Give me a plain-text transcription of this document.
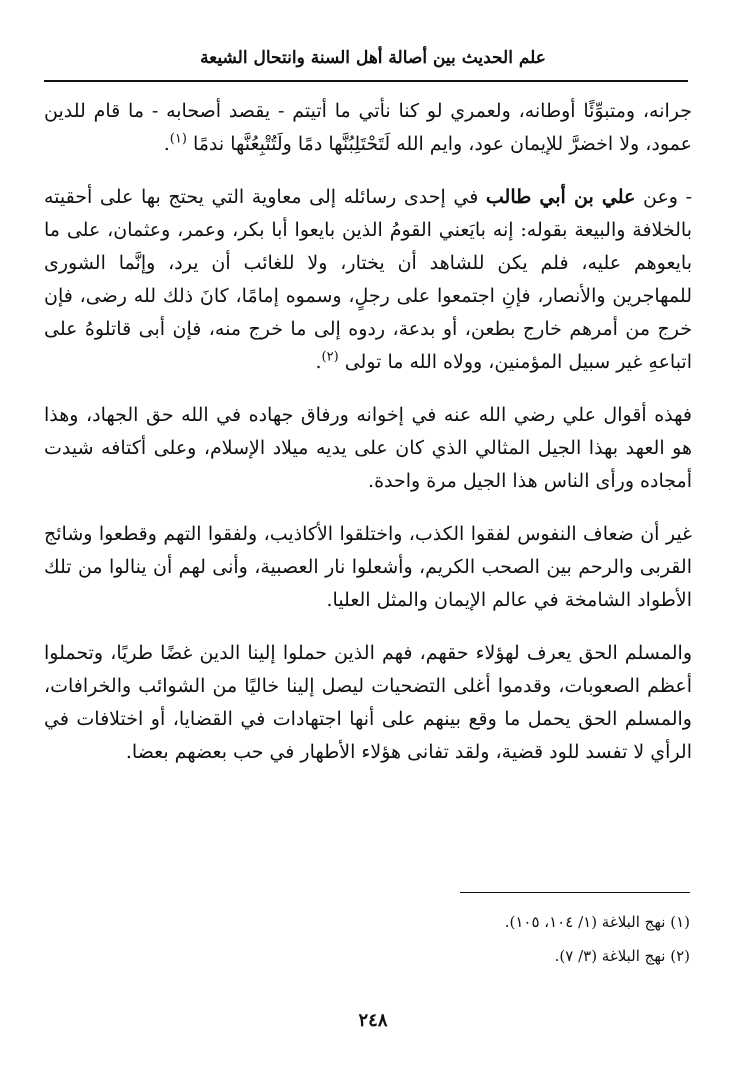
علم الحديث بين أصالة أهل السنة وانتحال الشيعة

جرانه، ومتبوِّئًا أوطانه، ولعمري لو كنا نأتي ما أتيتم - يقصد أصحابه - ما قام للدين عمود، ولا اخضرَّ للإيمان عود، وايم الله لَتَحْتَلِبُنَّها دمًا ولَتُتْبِعُنَّها ندمًا $^{(١)}$.

- وعن علي بن أبي طالب في إحدى رسائله إلى معاوية التي يحتج بها على أحقيته بالخلافة والبيعة بقوله: إنه بايَعني القومُ الذين بايعوا أبا بكر، وعمر، وعثمان، على ما بايعوهم عليه، فلم يكن للشاهد أن يختار، ولا للغائب أن يرد، وإنَّما الشورى للمهاجرين والأنصار، فإنِ اجتمعوا على رجلٍ، وسموه إمامًا، كانَ ذلك لله رضى، فإن خرج من أمرهم خارج بطعن، أو بدعة، ردوه إلى ما خرج منه، فإن أبى قاتلوهُ على اتباعهِ غير سبيل المؤمنين، وولاه الله ما تولى $^{(٢)}$.

فهذه أقوال علي رضي الله عنه في إخوانه ورفاق جهاده في الله حق الجهاد، وهذا هو العهد بهذا الجيل المثالي الذي كان على يديه ميلاد الإسلام، وعلى أكتافه شيدت أمجاده ورأى الناس هذا الجيل مرة واحدة.

غير أن ضعاف النفوس لفقوا الكذب، واختلقوا الأكاذيب، ولفقوا التهم وقطعوا وشائج القربى والرحم بين الصحب الكريم، وأشعلوا نار العصبية، وأنى لهم أن ينالوا من تلك الأطواد الشامخة في عالم الإيمان والمثل العليا.

والمسلم الحق يعرف لهؤلاء حقهم، فهم الذين حملوا إلينا الدين غضًا طريًا، وتحملوا أعظم الصعوبات، وقدموا أغلى التضحيات ليصل إلينا خاليًا من الشوائب والخرافات، والمسلم الحق يحمل ما وقع بينهم على أنها اجتهادات في القضايا، أو اختلافات في الرأي لا تفسد للود قضية، ولقد تفانى هؤلاء الأطهار في حب بعضهم بعضا.

(١) نهج البلاغة (١/ ١٠٤، ١٠٥).

(٢) نهج البلاغة (٣/ ٧).

٢٤٨
